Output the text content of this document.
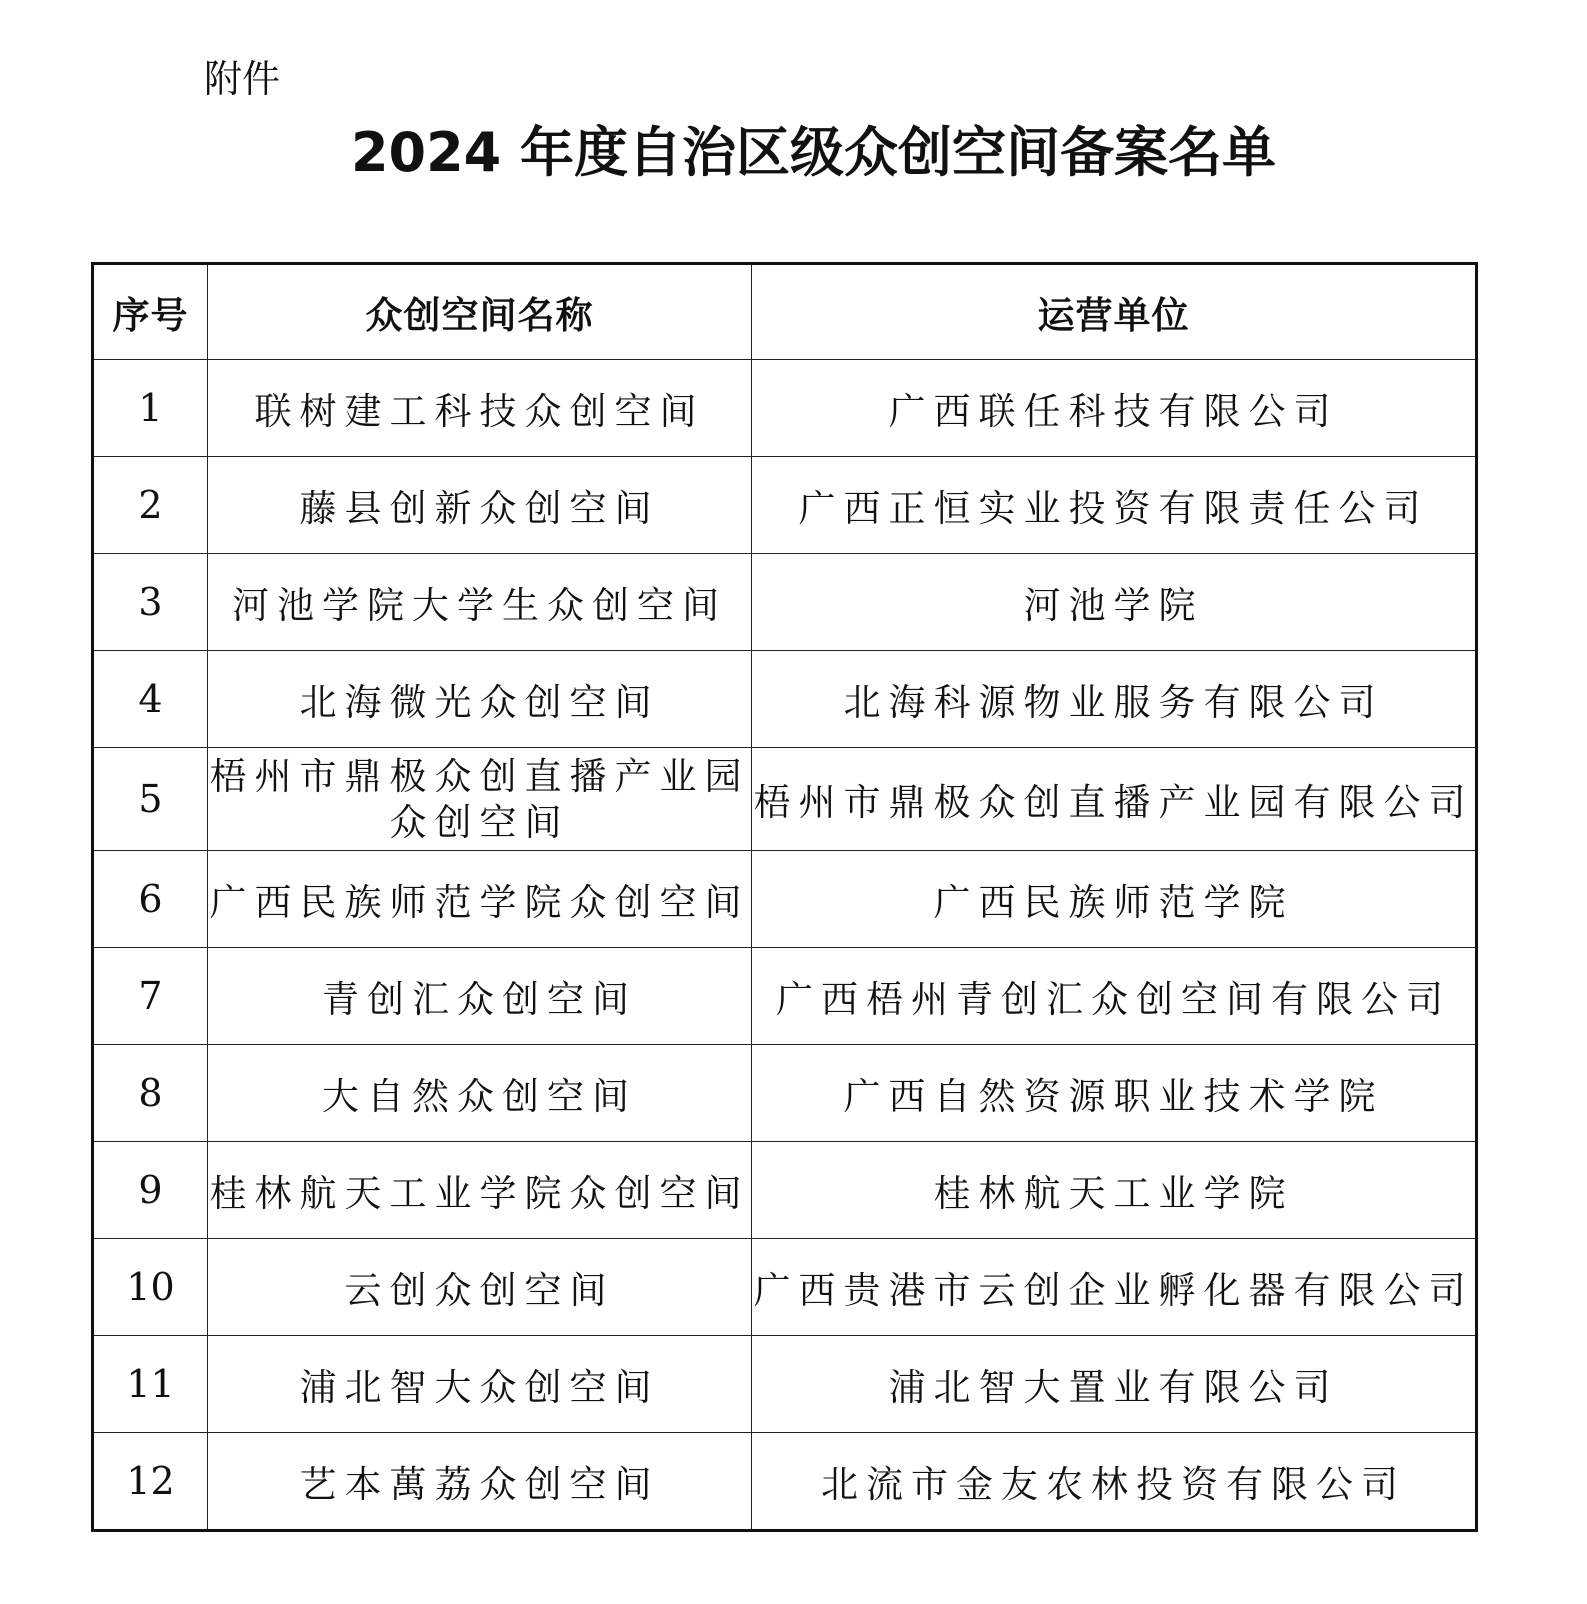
附件
2024 年度自治区级众创空间备案名单
序号	众创空间名称	运营单位
1	联树建工科技众创空间	广西联任科技有限公司
2	藤县创新众创空间	广西正恒实业投资有限责任公司
3	河池学院大学生众创空间	河池学院
4	北海微光众创空间	北海科源物业服务有限公司
5	梧州市鼎极众创直播产业园众创空间	梧州市鼎极众创直播产业园有限公司
6	广西民族师范学院众创空间	广西民族师范学院
7	青创汇众创空间	广西梧州青创汇众创空间有限公司
8	大自然众创空间	广西自然资源职业技术学院
9	桂林航天工业学院众创空间	桂林航天工业学院
10	云创众创空间	广西贵港市云创企业孵化器有限公司
11	浦北智大众创空间	浦北智大置业有限公司
12	艺本萬荔众创空间	北流市金友农林投资有限公司
